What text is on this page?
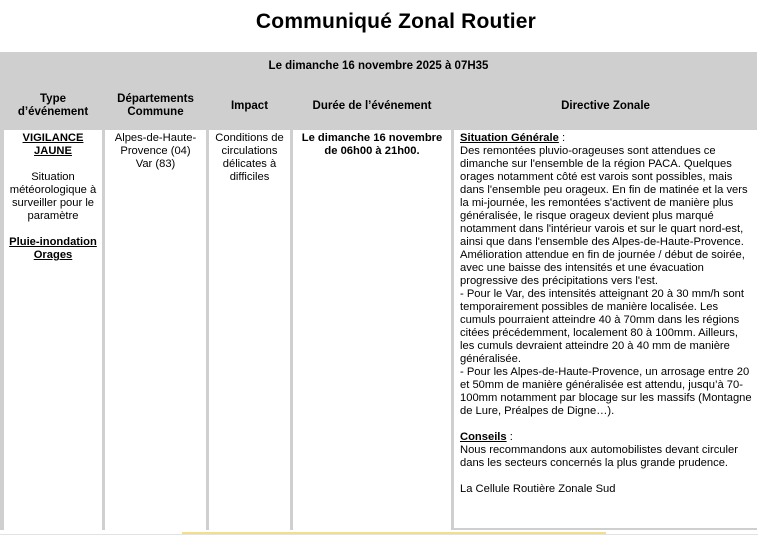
Communiqué Zonal Routier
Le dimanche 16 novembre 2025 à 07H35
Type d’événement
Départements Commune
Impact	Durée de l’événement	Directive Zonale
VIGILANCE JAUNE
Situation météorologique à surveiller pour le paramètre
Pluie-inondation Orages
Alpes-de-Haute-Provence (04)
Var (83)
Conditions de circulations délicates à difficiles
Le dimanche 16 novembre de 06h00 à 21h00.

Situation Générale :

Des remontées pluvio-orageuses sont attendues ce dimanche sur l'ensemble de la région PACA. Quelques orages notamment côté est varois sont possibles, mais dans l'ensemble peu orageux. En fin de matinée et la vers la mi-journée, les remontées s'activent de manière plus généralisée, le risque orageux devient plus marqué notamment dans l'intérieur varois et sur le quart nord-est, ainsi que dans l'ensemble des Alpes-de-Haute-Provence. Amélioration attendue en fin de journée / début de soirée, avec une baisse des intensités et une évacuation progressive des précipitations vers l'est.

- Pour le Var, des intensités atteignant 20 à 30 mm/h sont temporairement possibles de manière localisée. Les cumuls pourraient atteindre 40 à 70mm dans les régions citées précédemment, localement 80 à 100mm. Ailleurs, les cumuls devraient atteindre 20 à 40 mm de manière généralisée.

- Pour les Alpes-de-Haute-Provence, un arrosage entre 20 et 50mm de manière généralisée est attendu, jusqu’à 70- 100mm notamment par blocage sur les massifs (Montagne de Lure, Préalpes de Digne…).

Conseils :

Nous recommandons aux automobilistes devant circuler dans les secteurs concernés la plus grande prudence.

La Cellule Routière Zonale Sud
